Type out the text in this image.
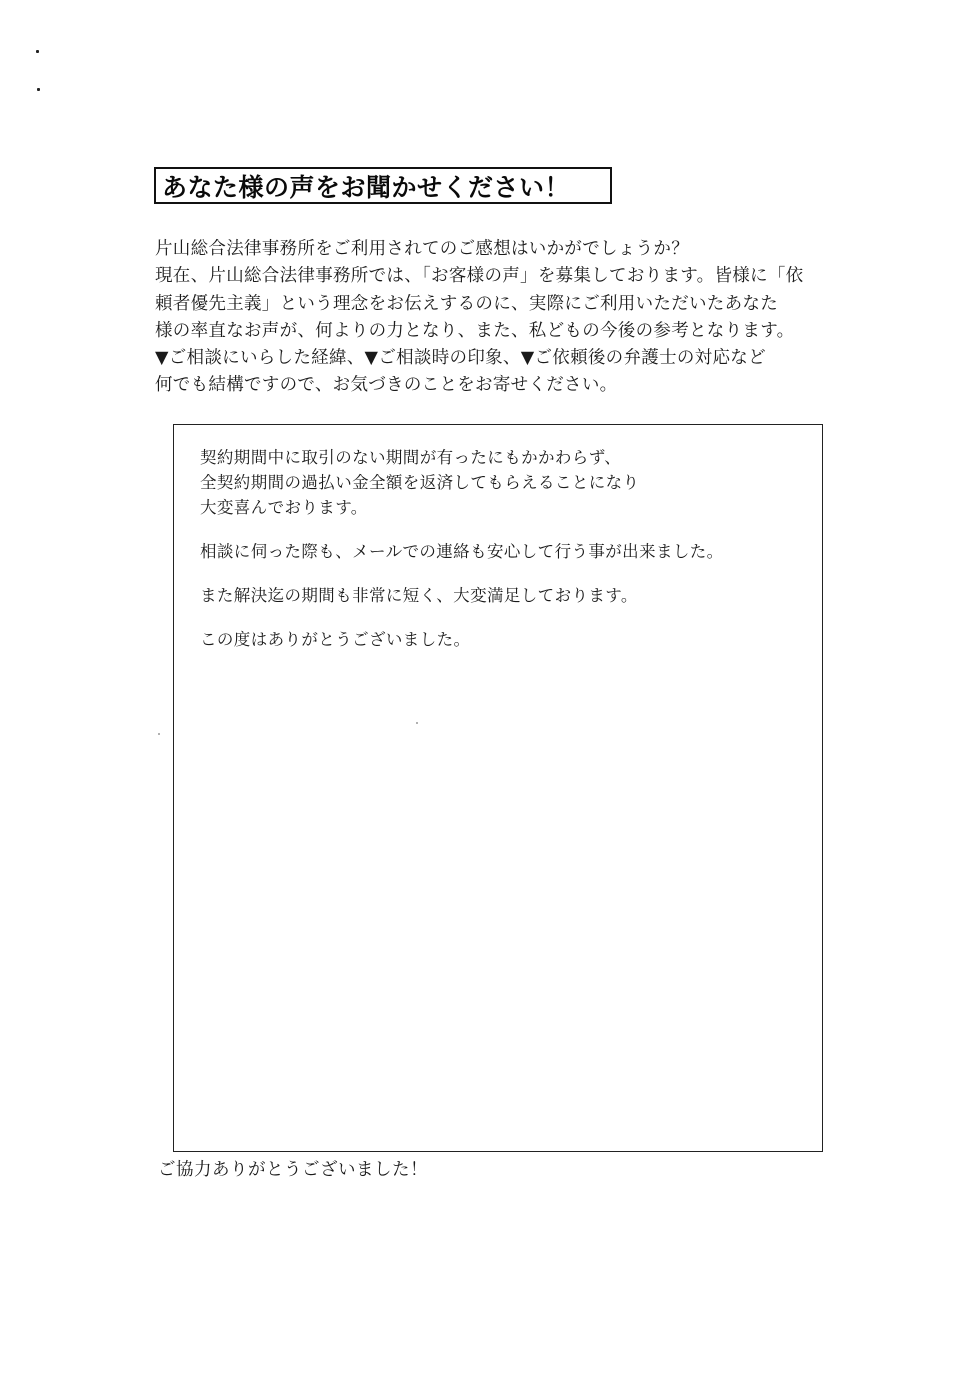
あなた様の声をお聞かせください！
片山総合法律事務所をご利用されてのご感想はいかがでしょうか？
現在、片山総合法律事務所では、「お客様の声」を募集しております。皆様に「依
頼者優先主義」という理念をお伝えするのに、実際にご利用いただいたあなた
様の率直なお声が、何よりの力となり、また、私どもの今後の参考となります。
▼ご相談にいらした経緯、▼ご相談時の印象、▼ご依頼後の弁護士の対応など
何でも結構ですので、お気づきのことをお寄せください。

契約期間中に取引のない期間が有ったにもかかわらず、
全契約期間の過払い金全額を返済してもらえることになり
大変喜んでおります。

相談に伺った際も、メールでの連絡も安心して行う事が出来ました。

また解決迄の期間も非常に短く、大変満足しております。

この度はありがとうございました。

ご協力ありがとうございました！
